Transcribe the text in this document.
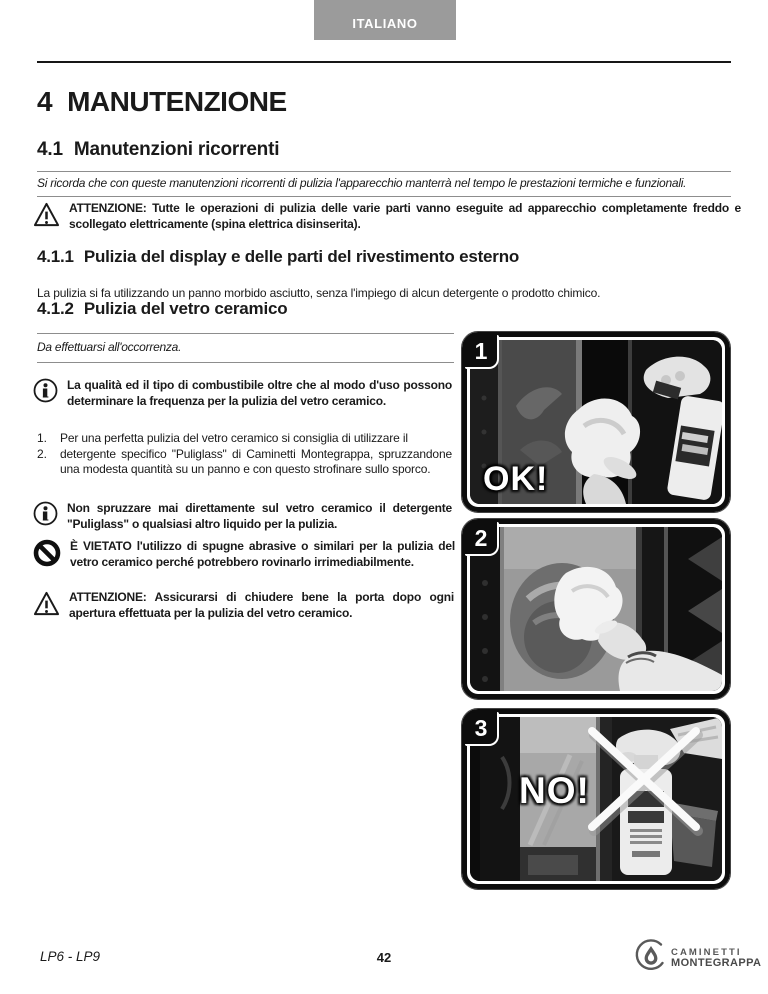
ITALIANO
4 MANUTENZIONE
4.1 Manutenzioni ricorrenti
Si ricorda che con queste manutenzioni ricorrenti di pulizia l'apparecchio manterrà nel tempo le prestazioni termiche e funzionali.
ATTENZIONE: Tutte le operazioni di pulizia delle varie parti vanno eseguite ad apparecchio completamente freddo e scollegato elettricamente (spina elettrica disinserita).
4.1.1 Pulizia del display e delle parti del rivestimento esterno

La pulizia si fa utilizzando un panno morbido asciutto, senza l'impiego di alcun detergente o prodotto chimico.

4.1.2 Pulizia del vetro ceramico
Da effettuarsi all'occorrenza.
La qualità ed il tipo di combustibile oltre che al modo d'uso possono determinare la frequenza per la pulizia del vetro ceramico.
1.	Per una perfetta pulizia del vetro ceramico si consiglia di utilizzare il
2.	detergente specifico "Puliglass" di Caminetti Montegrappa, spruzzandone una modesta quantità su un panno e con questo strofinare sullo sporco.
Non spruzzare mai direttamente sul vetro ceramico il detergente "Puliglass" o qualsiasi altro liquido per la pulizia.
È VIETATO l'utilizzo di spugne abrasive o similari per la pulizia del vetro ceramico perché potrebbero rovinarlo irrimediabilmente.
ATTENZIONE: Assicurarsi di chiudere bene la porta dopo ogni apertura effettuata per la pulizia del vetro ceramico.
1
OK!
2
3
NO!
LP6 - LP9	42	CAMINETTI
MONTEGRAPPA
